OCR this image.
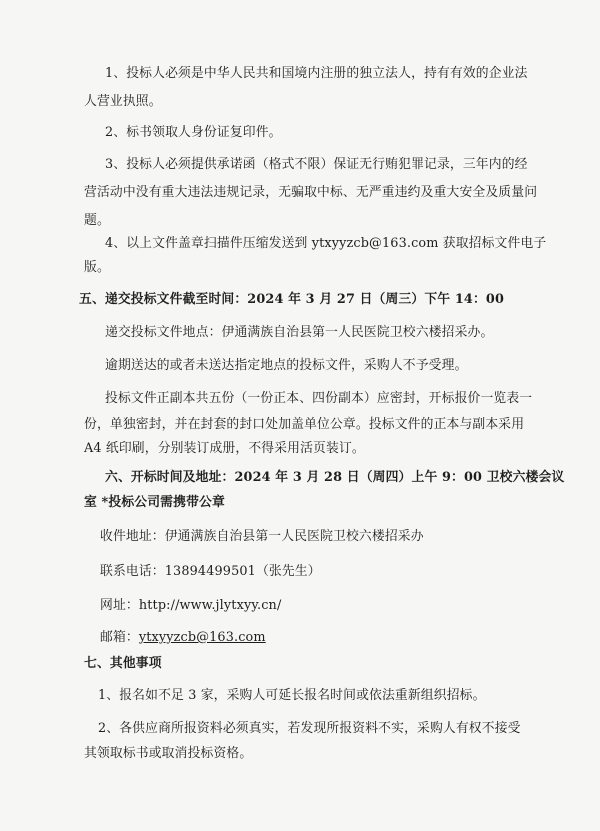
1、投标人必须是中华人民共和国境内注册的独立法人，持有有效的企业法
人营业执照。
2、标书领取人身份证复印件。
3、投标人必须提供承诺函（格式不限）保证无行贿犯罪记录，三年内的经
营活动中没有重大违法违规记录，无骗取中标、无严重违约及重大安全及质量问
题。
4、以上文件盖章扫描件压缩发送到 ytxyyzcb@163.com 获取招标文件电子
版。
五、递交投标文件截至时间：2024 年 3 月 27 日（周三）下午 14：00
递交投标文件地点：伊通满族自治县第一人民医院卫校六楼招采办。
逾期送达的或者未送达指定地点的投标文件，采购人不予受理。
投标文件正副本共五份（一份正本、四份副本）应密封，开标报价一览表一
份，单独密封，并在封套的封口处加盖单位公章。投标文件的正本与副本采用
A4 纸印刷，分别装订成册，不得采用活页装订。
六、开标时间及地址：2024 年 3 月 28 日（周四）上午 9：00 卫校六楼会议
室 *投标公司需携带公章
收件地址：伊通满族自治县第一人民医院卫校六楼招采办
联系电话：13894499501（张先生）
网址：http://www.jlytxyy.cn/
邮箱：ytxyyzcb@163.com
七、其他事项
1、报名如不足 3 家，采购人可延长报名时间或依法重新组织招标。
2、各供应商所报资料必须真实，若发现所报资料不实，采购人有权不接受
其领取标书或取消投标资格。
